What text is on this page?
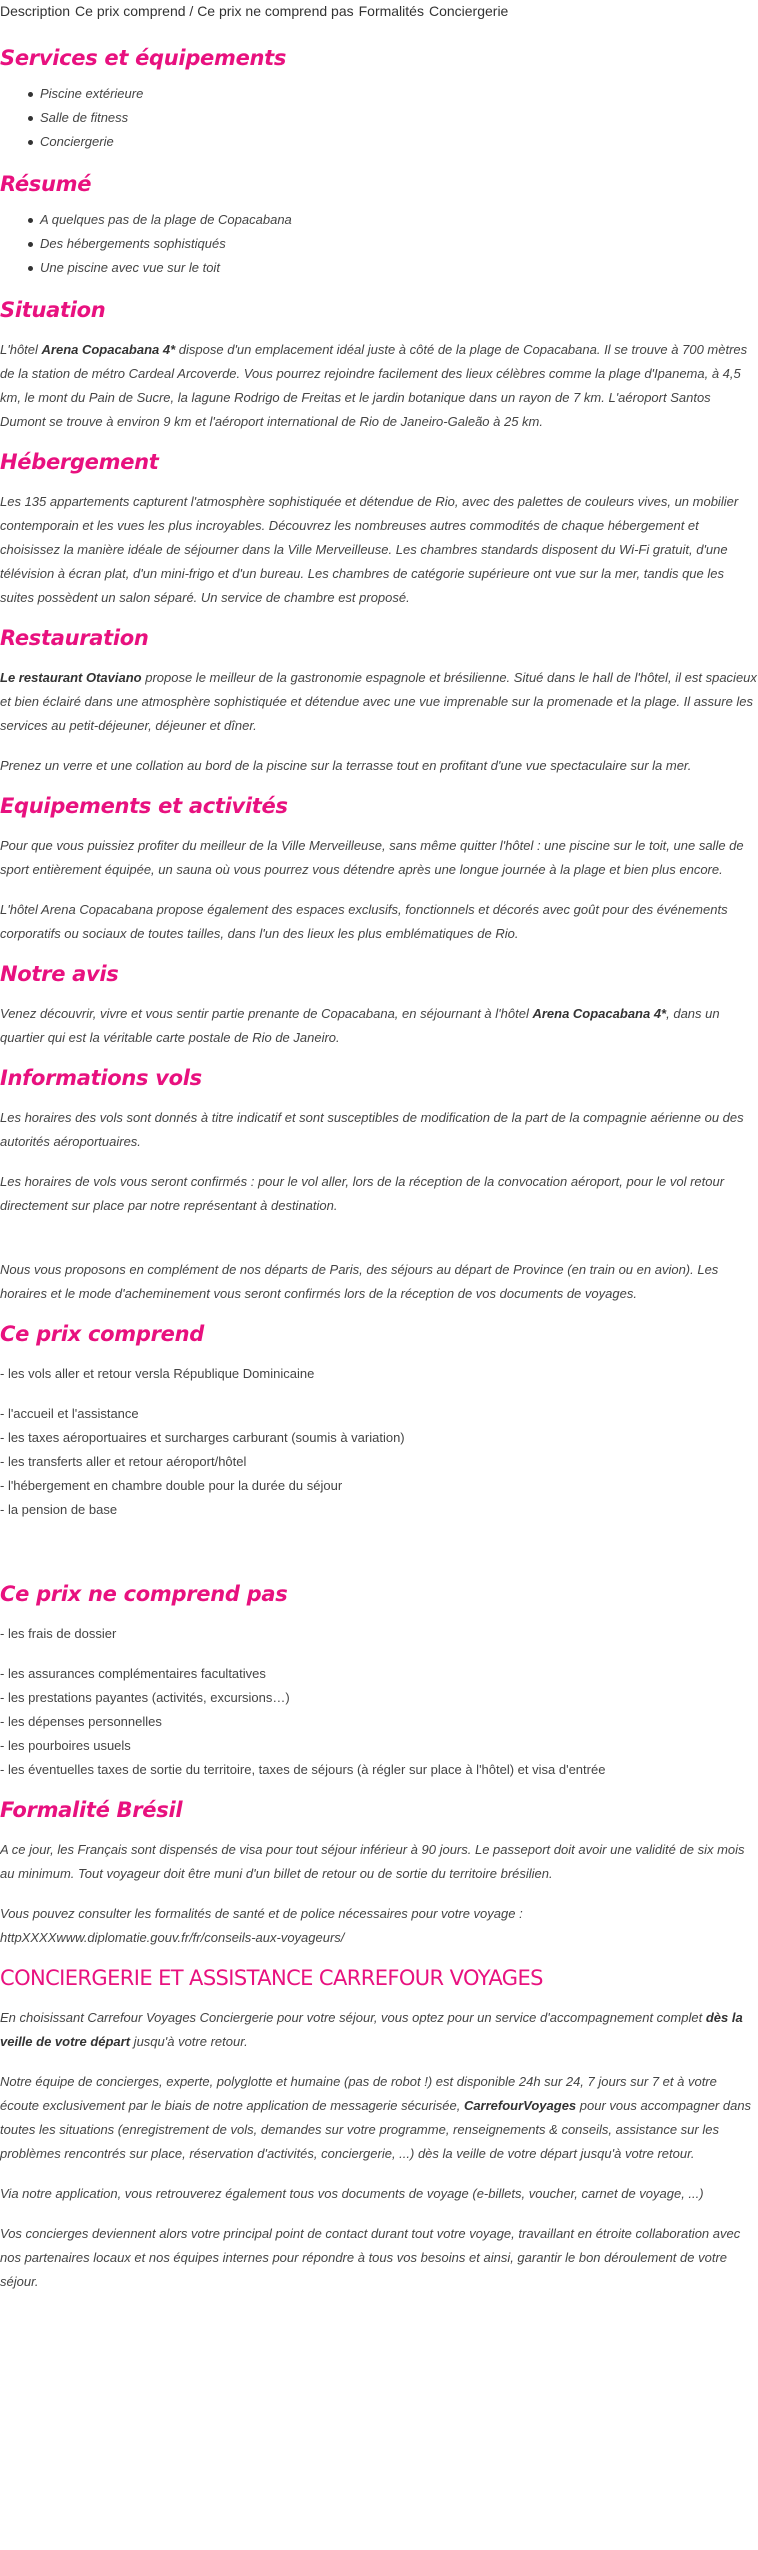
Description Ce prix comprend / Ce prix ne comprend pas Formalités Conciergerie
Services et équipements
Piscine extérieure
Salle de fitness
Conciergerie
Résumé
A quelques pas de la plage de Copacabana
Des hébergements sophistiqués
Une piscine avec vue sur le toit
Situation

L'hôtel Arena Copacabana 4* dispose d'un emplacement idéal juste à côté de la plage de Copacabana. Il se trouve à 700 mètres de la station de métro Cardeal Arcoverde. Vous pourrez rejoindre facilement des lieux célèbres comme la plage d'Ipanema, à 4,5 km, le mont du Pain de Sucre, la lagune Rodrigo de Freitas et le jardin botanique dans un rayon de 7 km. L'aéroport Santos Dumont se trouve à environ 9 km et l'aéroport international de Rio de Janeiro-Galeão à 25 km.

Hébergement

Les 135 appartements capturent l'atmosphère sophistiquée et détendue de Rio, avec des palettes de couleurs vives, un mobilier contemporain et les vues les plus incroyables. Découvrez les nombreuses autres commodités de chaque hébergement et choisissez la manière idéale de séjourner dans la Ville Merveilleuse. Les chambres standards disposent du Wi-Fi gratuit, d'une télévision à écran plat, d'un mini-frigo et d'un bureau. Les chambres de catégorie supérieure ont vue sur la mer, tandis que les suites possèdent un salon séparé. Un service de chambre est proposé.

Restauration

Le restaurant Otaviano propose le meilleur de la gastronomie espagnole et brésilienne. Situé dans le hall de l'hôtel, il est spacieux et bien éclairé dans une atmosphère sophistiquée et détendue avec une vue imprenable sur la promenade et la plage. Il assure les services au petit-déjeuner, déjeuner et dîner.

Prenez un verre et une collation au bord de la piscine sur la terrasse tout en profitant d'une vue spectaculaire sur la mer.

Equipements et activités

Pour que vous puissiez profiter du meilleur de la Ville Merveilleuse, sans même quitter l'hôtel : une piscine sur le toit, une salle de sport entièrement équipée, un sauna où vous pourrez vous détendre après une longue journée à la plage et bien plus encore.

L'hôtel Arena Copacabana propose également des espaces exclusifs, fonctionnels et décorés avec goût pour des événements corporatifs ou sociaux de toutes tailles, dans l'un des lieux les plus emblématiques de Rio.

Notre avis

Venez découvrir, vivre et vous sentir partie prenante de Copacabana, en séjournant à l'hôtel Arena Copacabana 4*, dans un quartier qui est la véritable carte postale de Rio de Janeiro.

Informations vols

Les horaires des vols sont donnés à titre indicatif et sont susceptibles de modification de la part de la compagnie aérienne ou des autorités aéroportuaires.

Les horaires de vols vous seront confirmés : pour le vol aller, lors de la réception de la convocation aéroport, pour le vol retour directement sur place par notre représentant à destination.

Nous vous proposons en complément de nos départs de Paris, des séjours au départ de Province (en train ou en avion). Les horaires et le mode d'acheminement vous seront confirmés lors de la réception de vos documents de voyages.

Ce prix comprend
- les vols aller et retour versla République Dominicaine
- l'accueil et l'assistance
- les taxes aéroportuaires et surcharges carburant (soumis à variation)
- les transferts aller et retour aéroport/hôtel
- l'hébergement en chambre double pour la durée du séjour
- la pension de base
Ce prix ne comprend pas
- les frais de dossier
- les assurances complémentaires facultatives
- les prestations payantes (activités, excursions…)
- les dépenses personnelles
- les pourboires usuels
- les éventuelles taxes de sortie du territoire, taxes de séjours (à régler sur place à l'hôtel) et visa d'entrée
Formalité Brésil

A ce jour, les Français sont dispensés de visa pour tout séjour inférieur à 90 jours. Le passeport doit avoir une validité de six mois au minimum. Tout voyageur doit être muni d'un billet de retour ou de sortie du territoire brésilien.

Vous pouvez consulter les formalités de santé et de police nécessaires pour votre voyage :

httpXXXXwww.diplomatie.gouv.fr/fr/conseils-aux-voyageurs/

CONCIERGERIE ET ASSISTANCE CARREFOUR VOYAGES

En choisissant Carrefour Voyages Conciergerie pour votre séjour, vous optez pour un service d'accompagnement complet dès la veille de votre départ jusqu'à votre retour.

Notre équipe de concierges, experte, polyglotte et humaine (pas de robot !) est disponible 24h sur 24, 7 jours sur 7 et à votre écoute exclusivement par le biais de notre application de messagerie sécurisée, CarrefourVoyages pour vous accompagner dans toutes les situations (enregistrement de vols, demandes sur votre programme, renseignements & conseils, assistance sur les problèmes rencontrés sur place, réservation d'activités, conciergerie, ...) dès la veille de votre départ jusqu'à votre retour.

Via notre application, vous retrouverez également tous vos documents de voyage (e-billets, voucher, carnet de voyage, ...)

Vos concierges deviennent alors votre principal point de contact durant tout votre voyage, travaillant en étroite collaboration avec nos partenaires locaux et nos équipes internes pour répondre à tous vos besoins et ainsi, garantir le bon déroulement de votre séjour.
